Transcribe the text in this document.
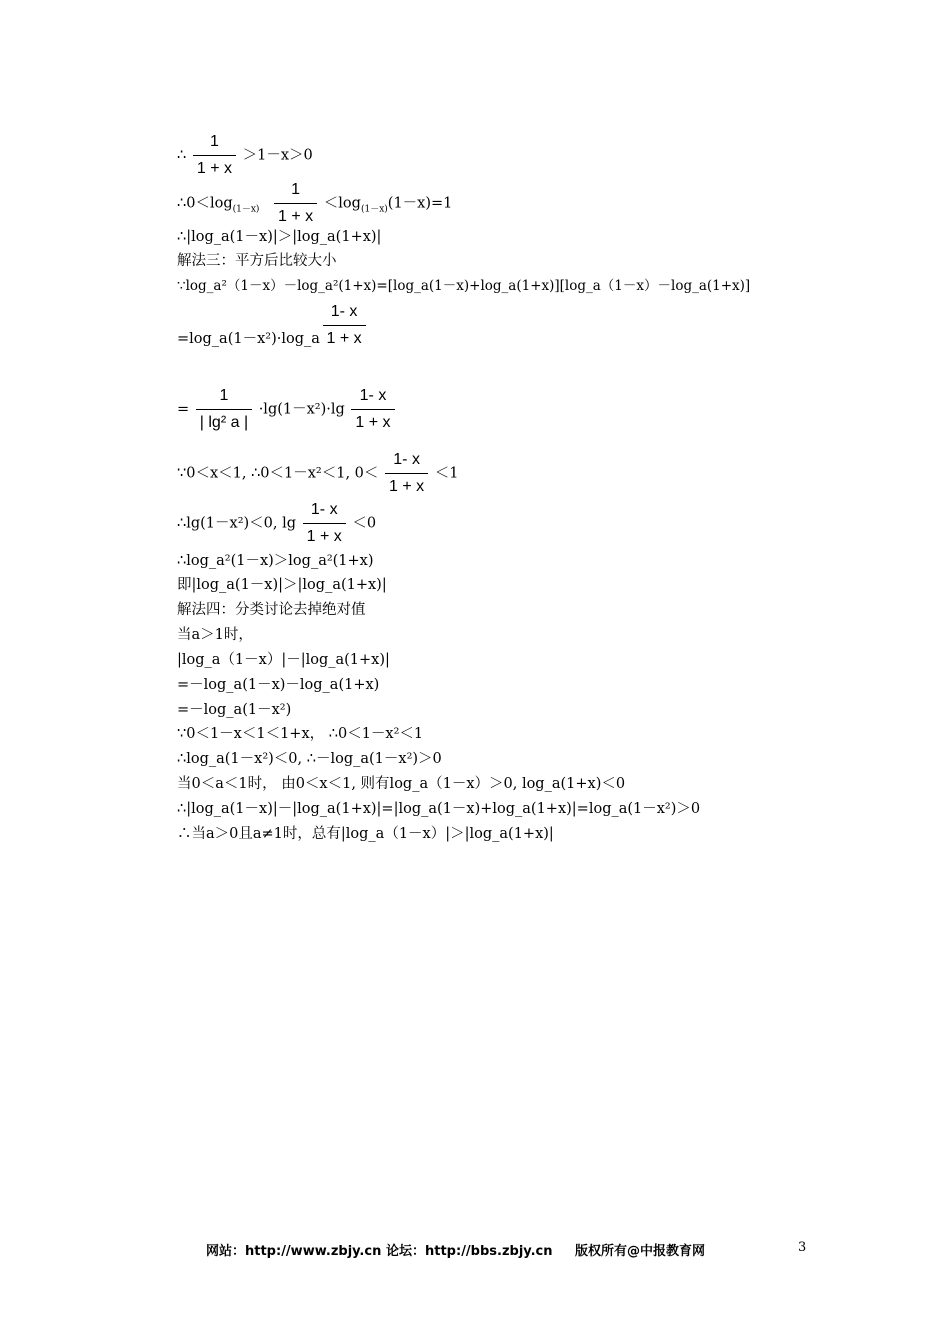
∴ $\frac{1}{1 + x} >1-x>0$
$\therefore 0<\log_{(1-x)} \frac{1}{1 + x} <\log_{(1-x)}(1-x)=1$
∴|log_a(1－x)|＞|log_a(1+x)|
解法三：平方后比较大小
∵log_a²（1－x）－log_a²(1+x)=[log_a(1－x)+log_a(1+x)][log_a（1－x）－log_a(1+x)]
=log_a(1－x²)·log_a $\frac{1- x}{1 + x}$
= $\frac{1}{\text{| lg² a |}} \cdot\lg(1-x^2)\cdot\lg \frac{1- x}{1 + x}$
∵0＜x＜1, ∴0＜1－x²＜1, $0< \frac{1- x}{1 + x} <1$
∴lg(1－x²)＜0, $\lg \frac{1- x}{1 + x} <0$
∴log_a²(1－x)＞log_a²(1+x)
即|log_a(1－x)|＞|log_a(1+x)|
解法四：分类讨论去掉绝对值
当a＞1时，
|log_a（1－x）|－|log_a(1+x)|
=－log_a(1－x)－log_a(1+x)
=－log_a(1－x²)
∵0＜1－x＜1＜1+x， ∴0＜1－x²＜1
∴log_a(1－x²)＜0, ∴－log_a(1－x²)＞0
当0＜a＜1时， 由0＜x＜1, 则有log_a（1－x）＞0, log_a(1+x)＜0
∴|log_a(1－x)|－|log_a(1+x)|=|log_a(1－x)+log_a(1+x)|=log_a(1－x²)＞0
∴当a＞0且a≠1时，总有|log_a（1－x）|＞|log_a(1+x)|
网站：http://www.zbjy.cn 论坛：http://bbs.zbjy.cn 版权所有@中报教育网	3
